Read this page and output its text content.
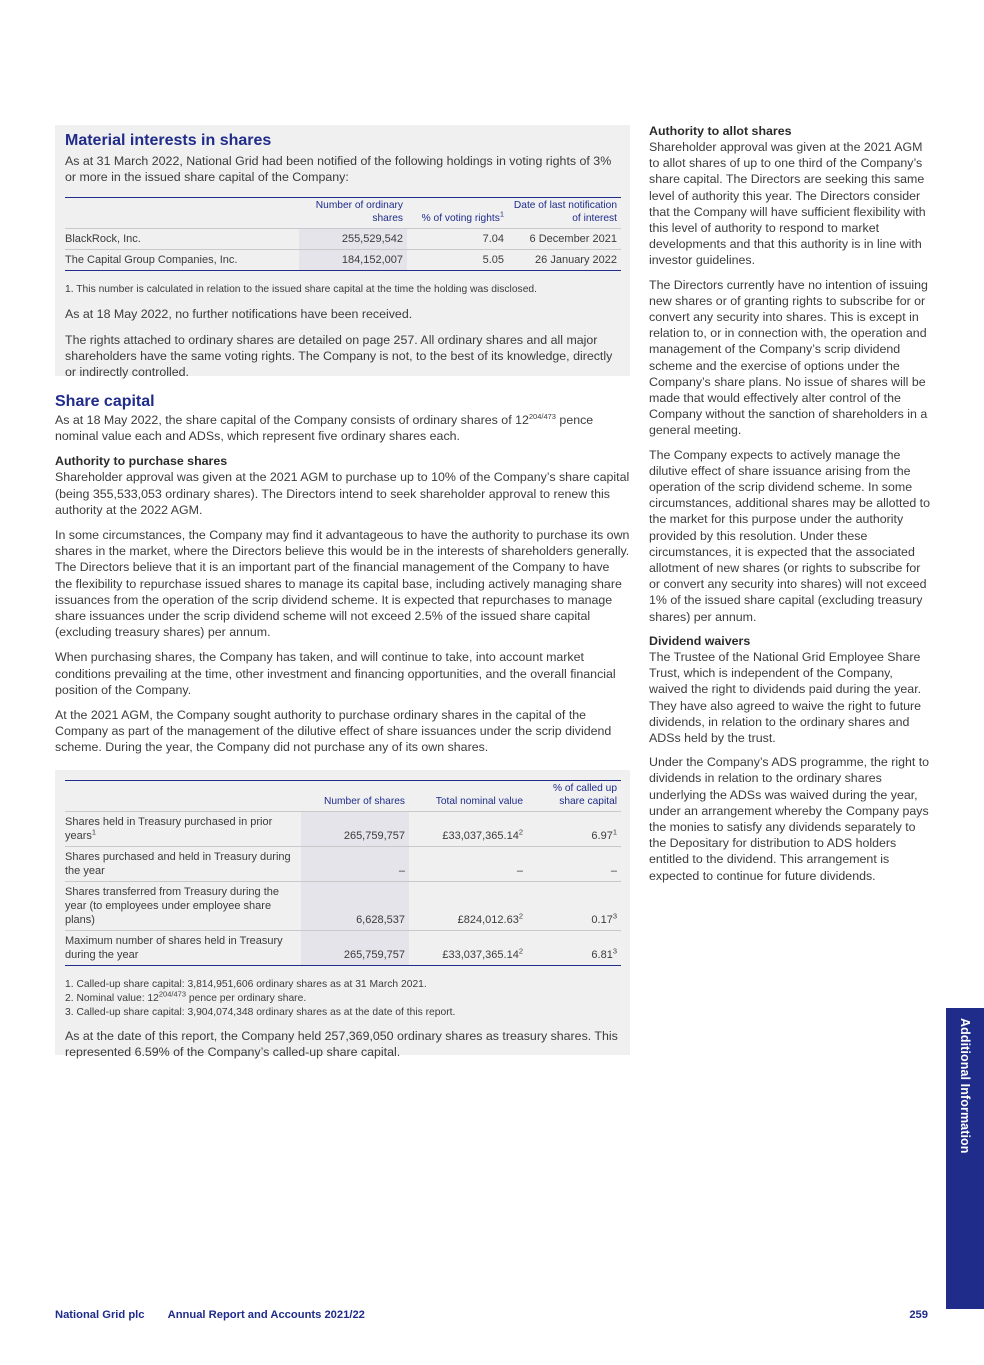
Material interests in shares

As at 31 March 2022, National Grid had been notified of the following holdings in voting rights of 3% or more in the issued share capital of the Company:

	Number of ordinary shares	% of voting rights$^1$	Date of last notification of interest
BlackRock, Inc.	255,529,542	7.04	6 December 2021
The Capital Group Companies, Inc.	184,152,007	5.05	26 January 2022

1. This number is calculated in relation to the issued share capital at the time the holding was disclosed.

As at 18 May 2022, no further notifications have been received.

The rights attached to ordinary shares are detailed on page 257. All ordinary shares and all major shareholders have the same voting rights. The Company is not, to the best of its knowledge, directly or indirectly controlled.

Share capital

As at 18 May 2022, the share capital of the Company consists of ordinary shares of $12^{204/473}$ pence nominal value each and ADSs, which represent five ordinary shares each.

Authority to purchase shares

Shareholder approval was given at the 2021 AGM to purchase up to 10% of the Company’s share capital (being 355,533,053 ordinary shares). The Directors intend to seek shareholder approval to renew this authority at the 2022 AGM.

In some circumstances, the Company may find it advantageous to have the authority to purchase its own shares in the market, where the Directors believe this would be in the interests of shareholders generally. The Directors believe that it is an important part of the financial management of the Company to have the flexibility to repurchase issued shares to manage its capital base, including actively managing share issuances from the operation of the scrip dividend scheme. It is expected that repurchases to manage share issuances under the scrip dividend scheme will not exceed 2.5% of the issued share capital (excluding treasury shares) per annum.

When purchasing shares, the Company has taken, and will continue to take, into account market conditions prevailing at the time, other investment and financing opportunities, and the overall financial position of the Company.

At the 2021 AGM, the Company sought authority to purchase ordinary shares in the capital of the Company as part of the management of the dilutive effect of share issuances under the scrip dividend scheme. During the year, the Company did not purchase any of its own shares.

	Number of shares	Total nominal value	% of called up share capital
Shares held in Treasury purchased in prior years$^1$	265,759,757	£33,037,365.14$^2$	6.97$^1$
Shares purchased and held in Treasury during the year	–	–	–
Shares transferred from Treasury during the year (to employees under employee share plans)	6,628,537	£824,012.63$^2$	0.17$^3$
Maximum number of shares held in Treasury during the year	265,759,757	£33,037,365.14$^2$	6.81$^3$

1. Called-up share capital: 3,814,951,606 ordinary shares as at 31 March 2021.

2. Nominal value: $12^{204/473}$ pence per ordinary share.

3. Called-up share capital: 3,904,074,348 ordinary shares as at the date of this report.

As at the date of this report, the Company held 257,369,050 ordinary shares as treasury shares. This represented 6.59% of the Company’s called-up share capital.

Authority to allot shares

Shareholder approval was given at the 2021 AGM to allot shares of up to one third of the Company’s share capital. The Directors are seeking this same level of authority this year. The Directors consider that the Company will have sufficient flexibility with this level of authority to respond to market developments and that this authority is in line with investor guidelines.

The Directors currently have no intention of issuing new shares or of granting rights to subscribe for or convert any security into shares. This is except in relation to, or in connection with, the operation and management of the Company’s scrip dividend scheme and the exercise of options under the Company’s share plans. No issue of shares will be made that would effectively alter control of the Company without the sanction of shareholders in a general meeting.

The Company expects to actively manage the dilutive effect of share issuance arising from the operation of the scrip dividend scheme. In some circumstances, additional shares may be allotted to the market for this purpose under the authority provided by this resolution. Under these circumstances, it is expected that the associated allotment of new shares (or rights to subscribe for or convert any security into shares) will not exceed 1% of the issued share capital (excluding treasury shares) per annum.

Dividend waivers

The Trustee of the National Grid Employee Share Trust, which is independent of the Company, waived the right to dividends paid during the year. They have also agreed to waive the right to future dividends, in relation to the ordinary shares and ADSs held by the trust.

Under the Company’s ADS programme, the right to dividends in relation to the ordinary shares underlying the ADSs was waived during the year, under an arrangement whereby the Company pays the monies to satisfy any dividends separately to the Depositary for distribution to ADS holders entitled to the dividend. This arrangement is expected to continue for future dividends.

Additional Information
National Grid plc Annual Report and Accounts 2021/22	259
